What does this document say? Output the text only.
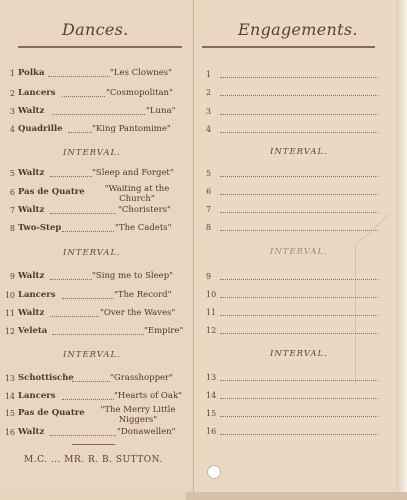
Dances.	Engagements.
1 Polka	"Les Clownes"
2 Lancers	"Cosmopolitan"
3 Waltz	"Luna"
4 Quadrille	"King Pantomime"
INTERVAL.
5 Waltz	"Sleep and Forget"
6 Pas de Quatre	"Waiting at the Church"
7 Waltz	"Choristers"
8 Two-Step	"The Cadets"
INTERVAL.
9 Waltz	"Sing me to Sleep"
10 Lancers	"The Record"
11 Waltz	"Over the Waves"
12 Veleta	"Empire"
INTERVAL.
13 Schottische	"Grasshopper"
14 Lancers	"Hearts of Oak"
15 Pas de Quatre "The Merry Little Niggers"
16 Waltz	"Donawellen"
M.C. ... MR. R. B. SUTTON.
1
2
3
4
INTERVAL.
5
6
7
8
INTERVAL.
9
10
11
12
INTERVAL.
13
14
15
16
